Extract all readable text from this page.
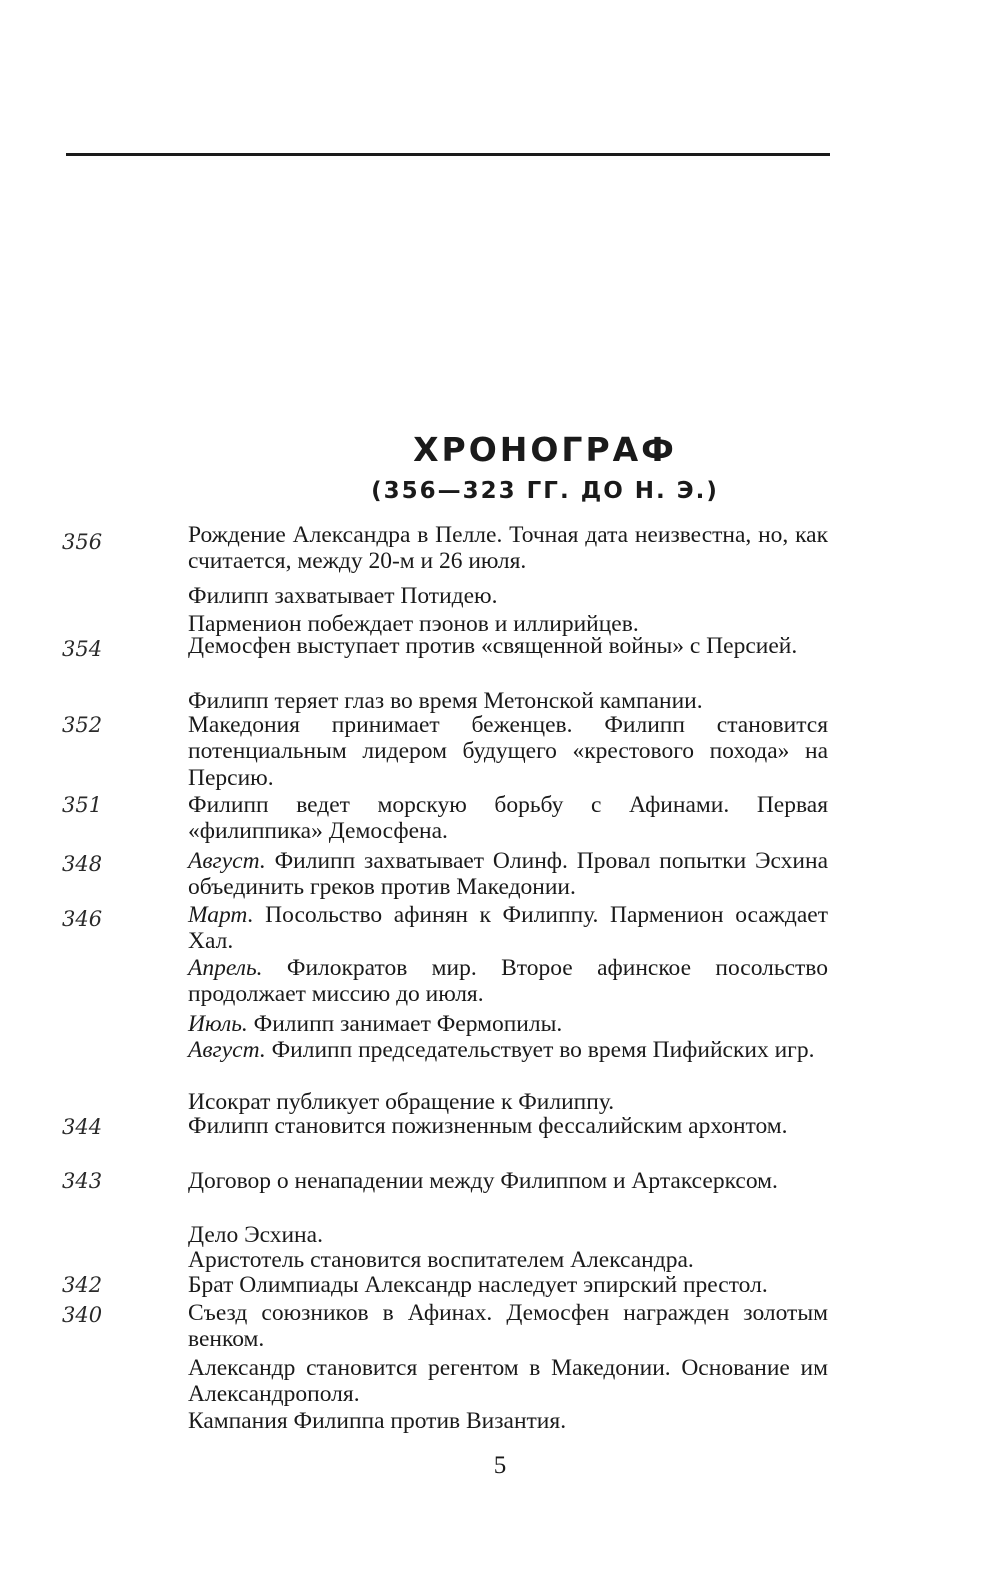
ХРОНОГРАФ
(356—323 ГГ. ДО Н. Э.)
356	Рождение Александра в Пелле. Точная дата неизвестна, но, как считается, между 20-м и 26 июля.
Филипп захватывает Потидею.
Парменион побеждает пэонов и иллирийцев.
354	Демосфен выступает против «священной войны» с Персией.
Филипп теряет глаз во время Метонской кампании.
352	Македония принимает беженцев. Филипп становится потенциальным лидером будущего «крестового похода» на Персию.
351	Филипп ведет морскую борьбу с Афинами. Первая «филиппика» Демосфена.
348	Август. Филипп захватывает Олинф. Провал попытки Эсхина объединить греков против Македонии.
346	Март. Посольство афинян к Филиппу. Парменион осаждает Хал.
Апрель. Филократов мир. Второе афинское посольство продолжает миссию до июля.
Июль. Филипп занимает Фермопилы.
Август. Филипп председательствует во время Пифийских игр.
Исократ публикует обращение к Филиппу.
344	Филипп становится пожизненным фессалийским архонтом.
343	Договор о ненападении между Филиппом и Артаксерксом.
Дело Эсхина.
Аристотель становится воспитателем Александра.
342	Брат Олимпиады Александр наследует эпирский престол.
340	Съезд союзников в Афинах. Демосфен награжден золотым венком.
Александр становится регентом в Македонии. Основание им Александрополя.
Кампания Филиппа против Византия.
5
